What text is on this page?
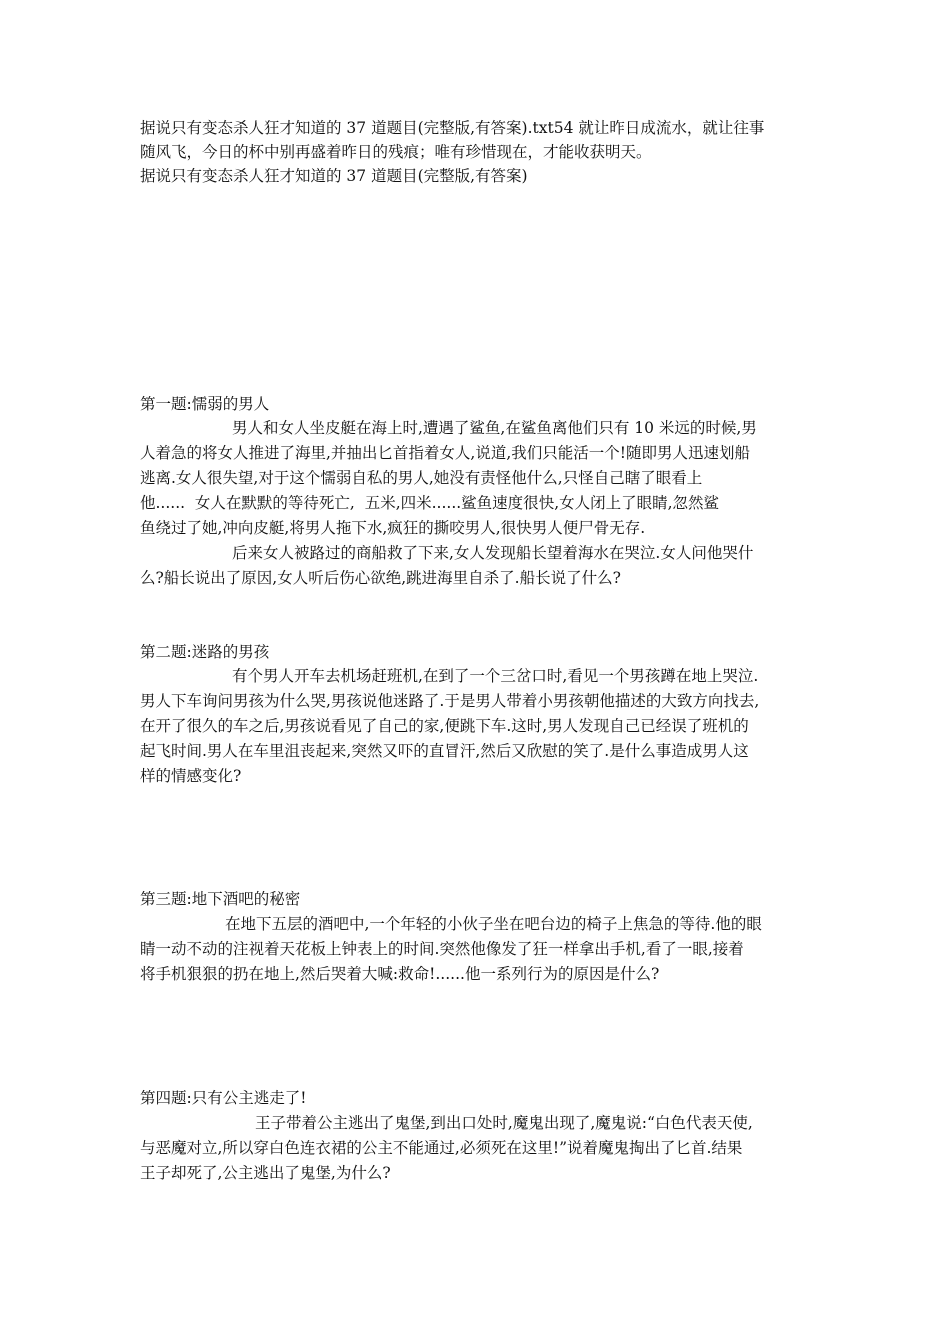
据说只有变态杀人狂才知道的 37 道题目(完整版,有答案).txt54 就让昨日成流水，就让往事
随风飞，今日的杯中别再盛着昨日的残痕；唯有珍惜现在，才能收获明天。
据说只有变态杀人狂才知道的 37 道题目(完整版,有答案)
第一题:懦弱的男人
男人和女人坐皮艇在海上时,遭遇了鲨鱼,在鲨鱼离他们只有 10 米远的时候,男
人着急的将女人推进了海里,并抽出匕首指着女人,说道,我们只能活一个!随即男人迅速划船
逃离.女人很失望,对于这个懦弱自私的男人,她没有责怪他什么,只怪自己瞎了眼看上
他......  女人在默默的等待死亡,  五米,四米......鲨鱼速度很快,女人闭上了眼睛,忽然鲨
鱼绕过了她,冲向皮艇,将男人拖下水,疯狂的撕咬男人,很快男人便尸骨无存.
后来女人被路过的商船救了下来,女人发现船长望着海水在哭泣.女人问他哭什
么?船长说出了原因,女人听后伤心欲绝,跳进海里自杀了.船长说了什么?
第二题:迷路的男孩
有个男人开车去机场赶班机,在到了一个三岔口时,看见一个男孩蹲在地上哭泣.
男人下车询问男孩为什么哭,男孩说他迷路了.于是男人带着小男孩朝他描述的大致方向找去,
在开了很久的车之后,男孩说看见了自己的家,便跳下车.这时,男人发现自己已经误了班机的
起飞时间.男人在车里沮丧起来,突然又吓的直冒汗,然后又欣慰的笑了.是什么事造成男人这
样的情感变化?
第三题:地下酒吧的秘密
在地下五层的酒吧中,一个年轻的小伙子坐在吧台边的椅子上焦急的等待.他的眼
睛一动不动的注视着天花板上钟表上的时间.突然他像发了狂一样拿出手机,看了一眼,接着
将手机狠狠的扔在地上,然后哭着大喊:救命!......他一系列行为的原因是什么?
第四题:只有公主逃走了!
王子带着公主逃出了鬼堡,到出口处时,魔鬼出现了,魔鬼说:“白色代表天使,
与恶魔对立,所以穿白色连衣裙的公主不能通过,必须死在这里!”说着魔鬼掏出了匕首.结果
王子却死了,公主逃出了鬼堡,为什么?
